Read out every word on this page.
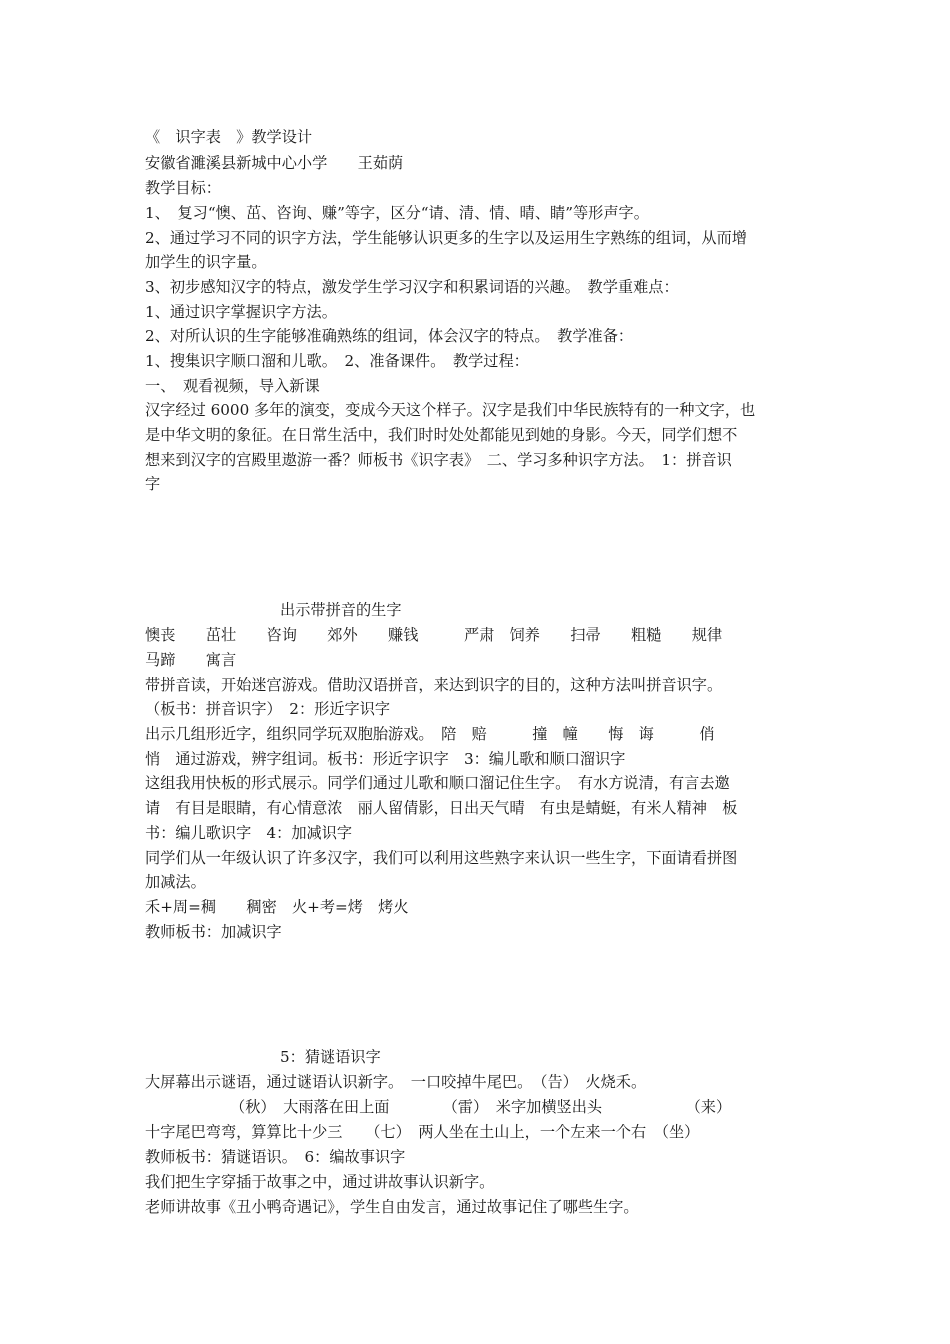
《　识字表　》教学设计
安徽省濉溪县新城中心小学　　王茹荫
教学目标：
1、　复习“懊、茁、咨询、赚”等字，区分“请、清、情、晴、睛”等形声字。
2、通过学习不同的识字方法，学生能够认识更多的生字以及运用生字熟练的组词，从而增
加学生的识字量。
3、初步感知汉字的特点，激发学生学习汉字和积累词语的兴趣。　教学重难点：
1、通过识字掌握识字方法。
2、对所认识的生字能够准确熟练的组词，体会汉字的特点。　教学准备：
1、搜集识字顺口溜和儿歌。　2、准备课件。　教学过程：
一、　观看视频，导入新课
汉字经过 6000 多年的演变，变成今天这个样子。汉字是我们中华民族特有的一种文字，也
是中华文明的象征。在日常生活中，我们时时处处都能见到她的身影。今天，同学们想不
想来到汉字的宫殿里遨游一番？师板书《识字表》　二、学习多种识字方法。　1：拼音识
字
出示带拼音的生字
懊丧　　茁壮　　咨询　　郊外　　赚钱　　　严肃　饲养　　扫帚　　粗糙　　规律
马蹄　　寓言
带拼音读，开始迷宫游戏。借助汉语拼音，来达到识字的目的，这种方法叫拼音识字。
（板书：拼音识字）　2：形近字识字
出示几组形近字，组织同学玩双胞胎游戏。　陪　赔　　　撞　幢　　悔　诲　　　俏
悄　通过游戏，辨字组词。板书：形近字识字　3：编儿歌和顺口溜识字
这组我用快板的形式展示。同学们通过儿歌和顺口溜记住生字。　有水方说清，有言去邀
请　有目是眼睛，有心情意浓　丽人留倩影，日出天气晴　有虫是蜻蜓，有米人精神　板
书：编儿歌识字　4：加减识字
同学们从一年级认识了许多汉字，我们可以利用这些熟字来认识一些生字，下面请看拼图
加减法。
禾+周=稠　　稠密　火+考=烤　烤火
教师板书：加减识字
5：猜谜语识字
大屏幕出示谜语，通过谜语认识新字。　一口咬掉牛尾巴。　（告）　火烧禾。
（秋）　大雨落在田上面　　　　（雷）　米字加横竖出头　　　　　　（来）
十字尾巴弯弯，算算比十少三　　（七）　两人坐在土山上，一个左来一个右　（坐）
教师板书：猜谜语识。　6：编故事识字
我们把生字穿插于故事之中，通过讲故事认识新字。
老师讲故事《丑小鸭奇遇记》，学生自由发言，通过故事记住了哪些生字。
